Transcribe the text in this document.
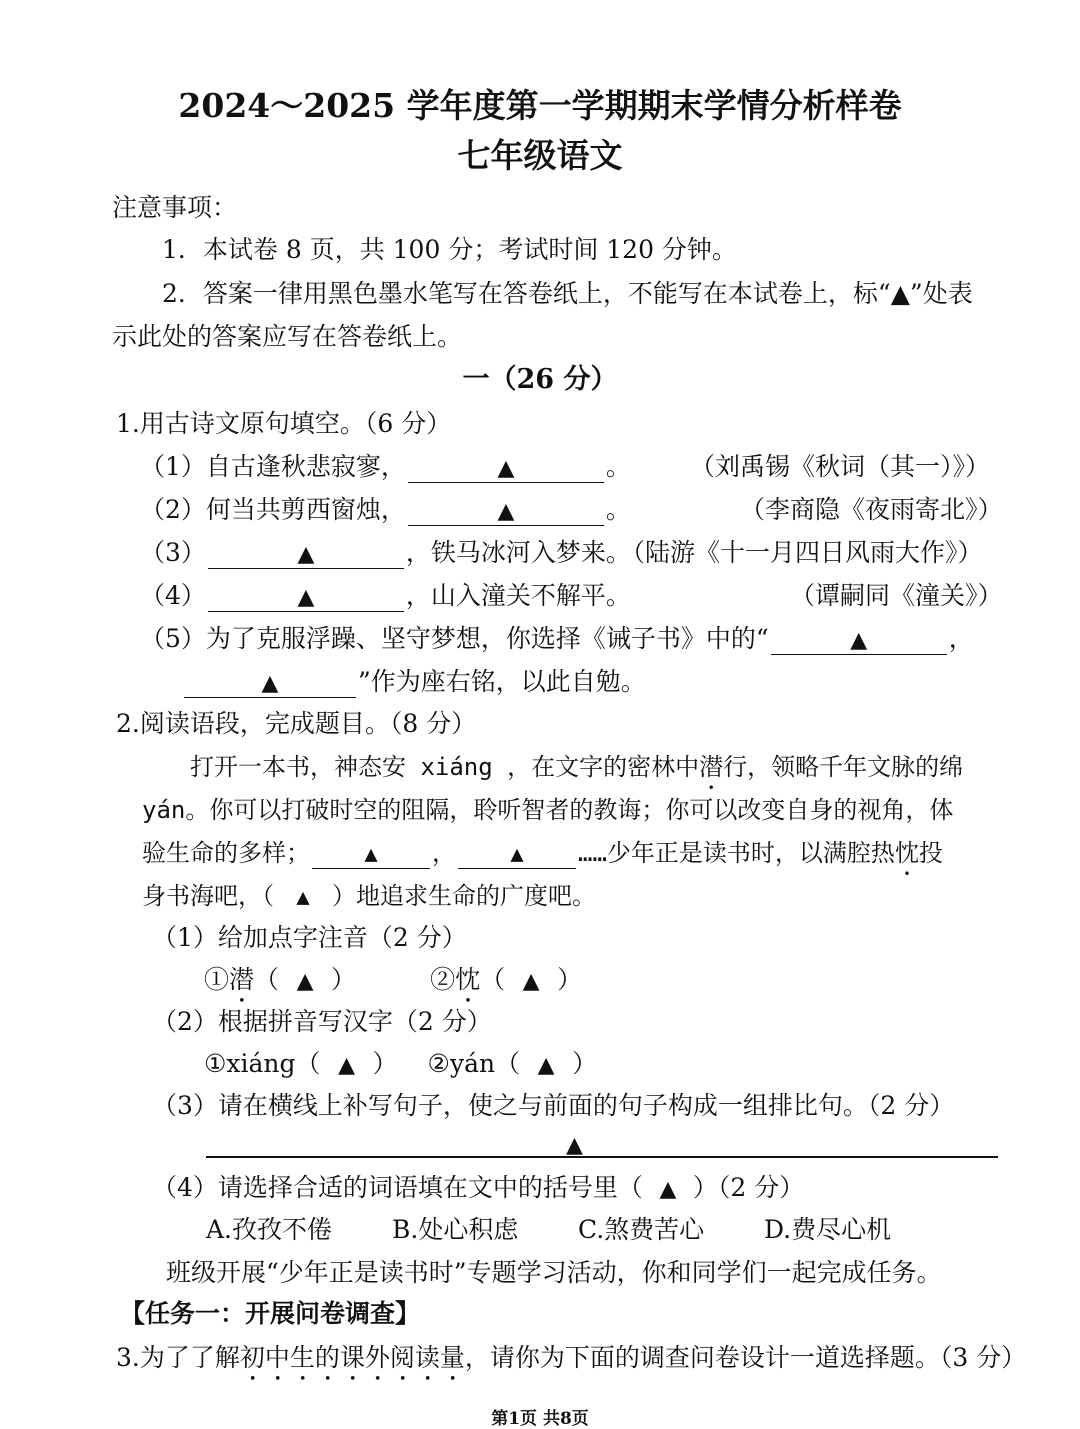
2024～2025 学年度第一学期期末学情分析样卷
七年级语文
注意事项：
1．本试卷 8 页，共 100 分；考试时间 120 分钟。
2．答案一律用黑色墨水笔写在答卷纸上，不能写在本试卷上，标“▲”处表
示此处的答案应写在答卷纸上。
一（26 分）
1.用古诗文原句填空。（6 分）
（1）自古逢秋悲寂寥，	▲	。 （刘禹锡《秋词（其一）》）
（2）何当共剪西窗烛，	▲	。	（李商隐《夜雨寄北》）
（3）	▲	，铁马冰河入梦来。
（陆游《十一月四日风雨大作》）
（4）	▲	，山入潼关不解平。	（谭嗣同《潼关》）
（5）为了克服浮躁、坚守梦想，你选择《诫子书》中的“	▲	，
▲	”作为座右铭，以此自勉。
2.阅读语段，完成题目。（8 分）
打开一本书，神态安 xiáng ，在文字的密林中潜行，领略千年文脉的绵
yán。你可以打破时空的阻隔，聆听智者的教诲；你可以改变自身的视角，体
验生命的多样； ▲ ， ▲ ……少年正是读书时，以满腔热忱投
身书海吧，（ ▲ ）地追求生命的广度吧。
（1）给加点字注音（2 分）
①潜（ ▲ ）	②忱（ ▲ ）
（2）根据拼音写汉字（2 分）
①xiáng（ ▲ ） ②yán（ ▲ ）
（3）请在横线上补写句子，使之与前面的句子构成一组排比句。（2 分）
▲
（4）请选择合适的词语填在文中的括号里（ ▲ ）（2 分）
A.孜孜不倦 B.处心积虑 C.煞费苦心 D.费尽心机
班级开展“少年正是读书时”专题学习活动，你和同学们一起完成任务。
【任务一：开展问卷调查】
3.为了了解初中生的课外阅读量，请你为下面的调查问卷设计一道选择题。（3 分）
第1页 共8页
